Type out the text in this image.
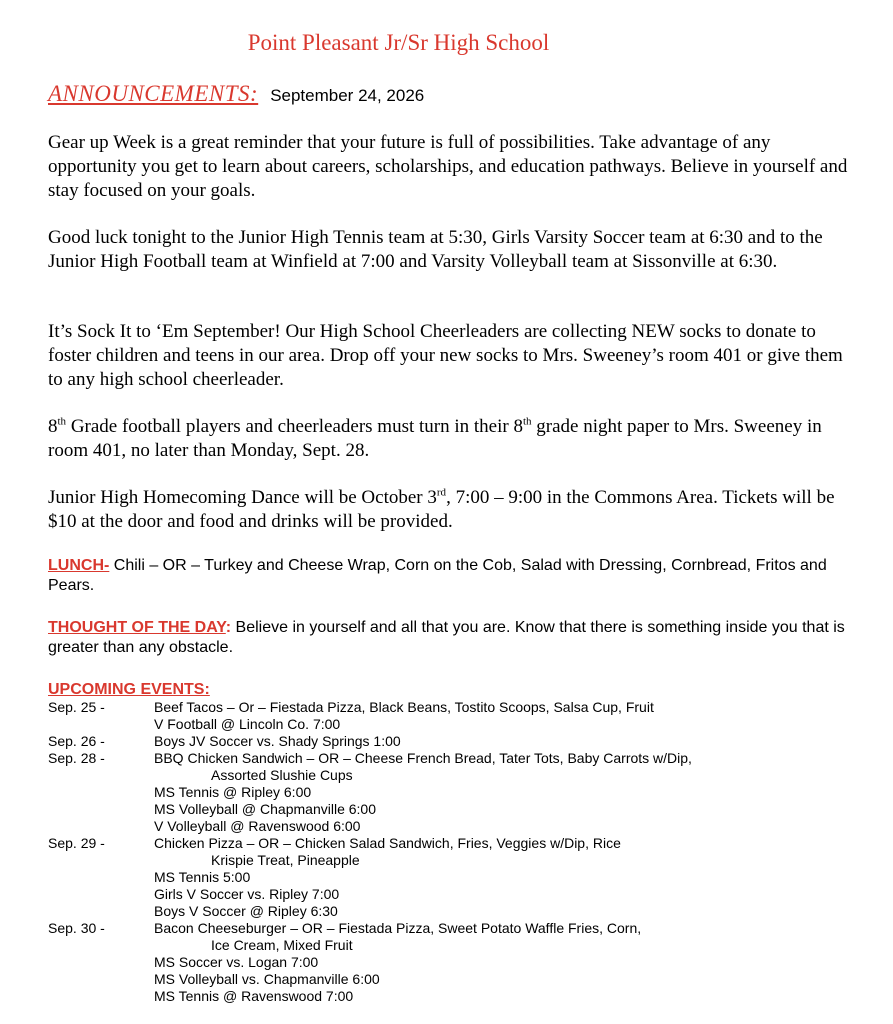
Point Pleasant Jr/Sr High School
ANNOUNCEMENTS: September 24, 2026

Gear up Week is a great reminder that your future is full of possibilities. Take advantage of any opportunity you get to learn about careers, scholarships, and education pathways. Believe in yourself and stay focused on your goals.

Good luck tonight to the Junior High Tennis team at 5:30, Girls Varsity Soccer team at 6:30 and to the Junior High Football team at Winfield at 7:00 and Varsity Volleyball team at Sissonville at 6:30.

It’s Sock It to ‘Em September! Our High School Cheerleaders are collecting NEW socks to donate to foster children and teens in our area. Drop off your new socks to Mrs. Sweeney’s room 401 or give them to any high school cheerleader.

8th Grade football players and cheerleaders must turn in their 8th grade night paper to Mrs. Sweeney in room 401, no later than Monday, Sept. 28.

Junior High Homecoming Dance will be October 3rd, 7:00 – 9:00 in the Commons Area. Tickets will be $10 at the door and food and drinks will be provided.

LUNCH- Chili – OR – Turkey and Cheese Wrap, Corn on the Cob, Salad with Dressing, Cornbread, Fritos and Pears.

THOUGHT OF THE DAY: Believe in yourself and all that you are. Know that there is something inside you that is greater than any obstacle.

UPCOMING EVENTS:
Sep. 25 -	Beef Tacos – Or – Fiestada Pizza, Black Beans, Tostito Scoops, Salsa Cup, Fruit
V Football @ Lincoln Co. 7:00
Sep. 26 -	Boys JV Soccer vs. Shady Springs 1:00
Sep. 28 -	BBQ Chicken Sandwich – OR – Cheese French Bread, Tater Tots, Baby Carrots w/Dip,
Assorted Slushie Cups
MS Tennis @ Ripley 6:00
MS Volleyball @ Chapmanville 6:00
V Volleyball @ Ravenswood 6:00
Sep. 29 -	Chicken Pizza – OR – Chicken Salad Sandwich, Fries, Veggies w/Dip, Rice
Krispie Treat, Pineapple
MS Tennis 5:00
Girls V Soccer vs. Ripley 7:00
Boys V Soccer @ Ripley 6:30
Sep. 30 -	Bacon Cheeseburger – OR – Fiestada Pizza, Sweet Potato Waffle Fries, Corn,
Ice Cream, Mixed Fruit
MS Soccer vs. Logan 7:00
MS Volleyball vs. Chapmanville 6:00
MS Tennis @ Ravenswood 7:00
